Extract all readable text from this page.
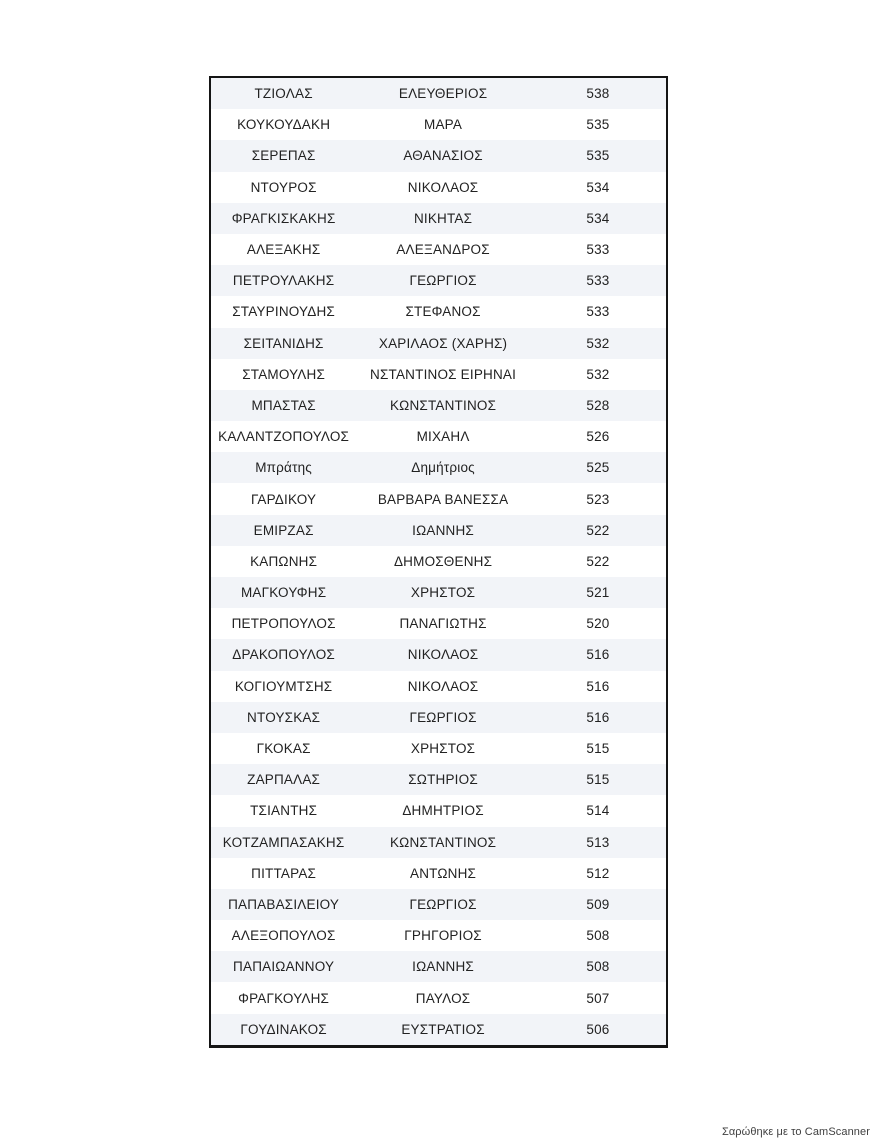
ΤΖΙΟΛΑΣ	ΕΛΕΥΘΕΡΙΟΣ	538
ΚΟΥΚΟΥΔΑΚΗ	ΜΑΡΑ	535
ΣΕΡΕΠΑΣ	ΑΘΑΝΑΣΙΟΣ	535
ΝΤΟΥΡΟΣ	ΝΙΚΟΛΑΟΣ	534
ΦΡΑΓΚΙΣΚΑΚΗΣ	ΝΙΚΗΤΑΣ	534
ΑΛΕΞΑΚΗΣ	ΑΛΕΞΑΝΔΡΟΣ	533
ΠΕΤΡΟΥΛΑΚΗΣ	ΓΕΩΡΓΙΟΣ	533
ΣΤΑΥΡΙΝΟΥΔΗΣ	ΣΤΕΦΑΝΟΣ	533
ΣΕΙΤΑΝΙΔΗΣ	ΧΑΡΙΛΑΟΣ (ΧΑΡΗΣ)	532
ΣΤΑΜΟΥΛΗΣ	ΝΣΤΑΝΤΙΝΟΣ ΕΙΡΗΝΑΙ	532
ΜΠΑΣΤΑΣ	ΚΩΝΣΤΑΝΤΙΝΟΣ	528
ΚΑΛΑΝΤΖΟΠΟΥΛΟΣ	ΜΙΧΑΗΛ	526
Μπράτης	Δημήτριος	525
ΓΑΡΔΙΚΟΥ	ΒΑΡΒΑΡΑ ΒΑΝΕΣΣΑ	523
ΕΜΙΡΖΑΣ	ΙΩΑΝΝΗΣ	522
ΚΑΠΩΝΗΣ	ΔΗΜΟΣΘΕΝΗΣ	522
ΜΑΓΚΟΥΦΗΣ	ΧΡΗΣΤΟΣ	521
ΠΕΤΡΟΠΟΥΛΟΣ	ΠΑΝΑΓΙΩΤΗΣ	520
ΔΡΑΚΟΠΟΥΛΟΣ	ΝΙΚΟΛΑΟΣ	516
ΚΟΓΙΟΥΜΤΣΗΣ	ΝΙΚΟΛΑΟΣ	516
ΝΤΟΥΣΚΑΣ	ΓΕΩΡΓΙΟΣ	516
ΓΚΟΚΑΣ	ΧΡΗΣΤΟΣ	515
ΖΑΡΠΑΛΑΣ	ΣΩΤΗΡΙΟΣ	515
ΤΣΙΑΝΤΗΣ	ΔΗΜΗΤΡΙΟΣ	514
ΚΟΤΖΑΜΠΑΣΑΚΗΣ	ΚΩΝΣΤΑΝΤΙΝΟΣ	513
ΠΙΤΤΑΡΑΣ	ΑΝΤΩΝΗΣ	512
ΠΑΠΑΒΑΣΙΛΕΙΟΥ	ΓΕΩΡΓΙΟΣ	509
ΑΛΕΞΟΠΟΥΛΟΣ	ΓΡΗΓΟΡΙΟΣ	508
ΠΑΠΑΙΩΑΝΝΟΥ	ΙΩΑΝΝΗΣ	508
ΦΡΑΓΚΟΥΛΗΣ	ΠΑΥΛΟΣ	507
ΓΟΥΔΙΝΑΚΟΣ	ΕΥΣΤΡΑΤΙΟΣ	506
Σαρώθηκε με το CamScanner
